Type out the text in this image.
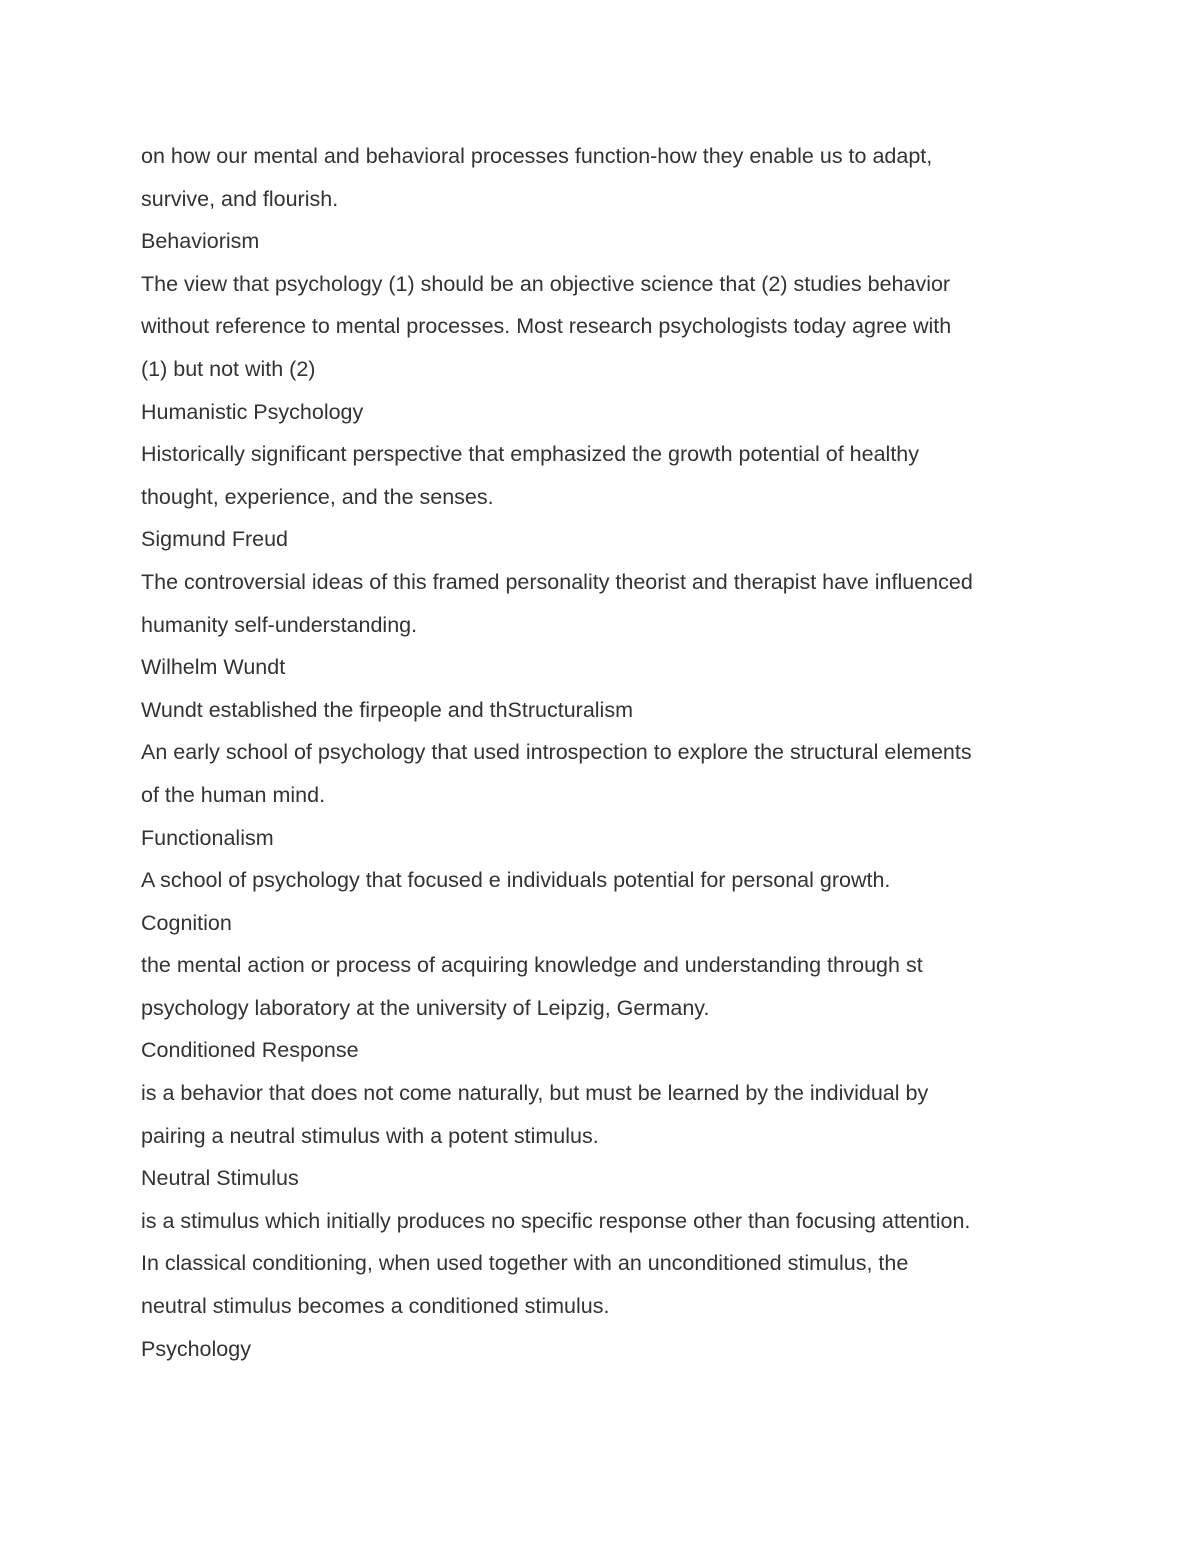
on how our mental and behavioral processes function-how they enable us to adapt,
survive, and flourish.
Behaviorism
The view that psychology (1) should be an objective science that (2) studies behavior
without reference to mental processes. Most research psychologists today agree with
(1) but not with (2)
Humanistic Psychology
Historically significant perspective that emphasized the growth potential of healthy
thought, experience, and the senses.
Sigmund Freud
The controversial ideas of this framed personality theorist and therapist have influenced
humanity self-understanding.
Wilhelm Wundt
Wundt established the firpeople and thStructuralism
An early school of psychology that used introspection to explore the structural elements
of the human mind.
Functionalism
A school of psychology that focused e individuals potential for personal growth.
Cognition
the mental action or process of acquiring knowledge and understanding through st
psychology laboratory at the university of Leipzig, Germany.
Conditioned Response
is a behavior that does not come naturally, but must be learned by the individual by
pairing a neutral stimulus with a potent stimulus.
Neutral Stimulus
is a stimulus which initially produces no specific response other than focusing attention.
In classical conditioning, when used together with an unconditioned stimulus, the
neutral stimulus becomes a conditioned stimulus.
Psychology
